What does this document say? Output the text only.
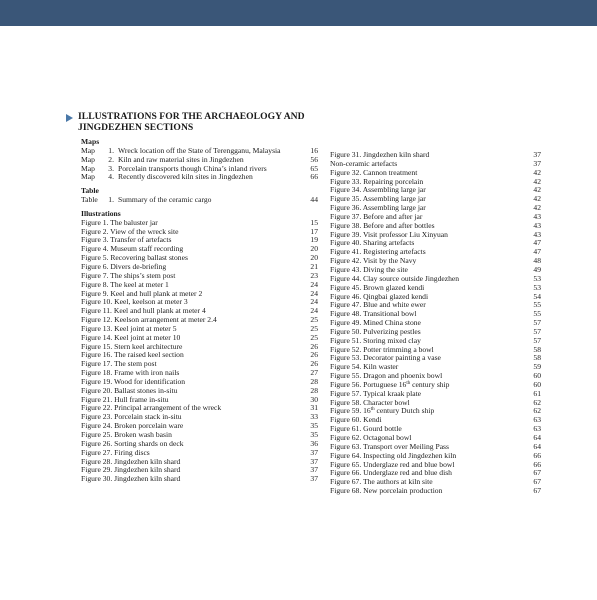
ILLUSTRATIONS FOR THE ARCHAEOLOGY AND JINGDEZHEN SECTIONS
Maps
Map	1. Wreck location off the State of Terengganu, Malaysia	16
Map	2. Kiln and raw material sites in Jingdezhen	56
Map	3. Porcelain transports though China’s inland rivers	65
Map	4. Recently discovered kiln sites in Jingdezhen	66
Table
Table	1. Summary of the ceramic cargo	44
Illustrations
Figure 1. The baluster jar	15
Figure 2. View of the wreck site	17
Figure 3. Transfer of artefacts	19
Figure 4. Museum staff recording	20
Figure 5. Recovering ballast stones	20
Figure 6. Divers de-briefing	21
Figure 7. The ships’s stem post	23
Figure 8. The keel at meter 1	24
Figure 9. Keel and hull plank at meter 2	24
Figure 10. Keel, keelson at meter 3	24
Figure 11. Keel and hull plank at meter 4	24
Figure 12. Keelson arrangement at meter 2.4	25
Figure 13. Keel joint at meter 5	25
Figure 14. Keel joint at meter 10	25
Figure 15. Stern keel architecture	26
Figure 16. The raised keel section	26
Figure 17. The stem post	26
Figure 18. Frame with iron nails	27
Figure 19. Wood for identification	28
Figure 20. Ballast stones in-situ	28
Figure 21. Hull frame in-situ	30
Figure 22. Principal arrangement of the wreck	31
Figure 23. Porcelain stack in-situ	33
Figure 24. Broken porcelain ware	35
Figure 25. Broken wash basin	35
Figure 26. Sorting shards on deck	36
Figure 27. Firing discs	37
Figure 28. Jingdezhen kiln shard	37
Figure 29. Jingdezhen kiln shard	37
Figure 30. Jingdezhen kiln shard	37
Figure 31. Jingdezhen kiln shard	37
Non-ceramic artefacts	37
Figure 32. Cannon treatment	42
Figure 33. Repairing porcelain	42
Figure 34. Assembling large jar	42
Figure 35. Assembling large jar	42
Figure 36. Assembling large jar	42
Figure 37. Before and after jar	43
Figure 38. Before and after bottles	43
Figure 39. Visit professor Liu Xinyuan	43
Figure 40. Sharing artefacts	47
Figure 41. Registering artefacts	47
Figure 42. Visit by the Navy	48
Figure 43. Diving the site	49
Figure 44. Clay source outside Jingdezhen	53
Figure 45. Brown glazed kendi	53
Figure 46. Qingbai glazed kendi	54
Figure 47. Blue and white ewer	55
Figure 48. Transitional bowl	55
Figure 49. Mined China stone	57
Figure 50. Pulverizing pestles	57
Figure 51. Storing mixed clay	57
Figure 52. Potter trimming a bowl	58
Figure 53. Decorator painting a vase	58
Figure 54. Kiln waster	59
Figure 55. Dragon and phoenix bowl	60
Figure 56. Portuguese 16th century ship	60
Figure 57. Typical kraak plate	61
Figure 58. Character bowl	62
Figure 59. 16th century Dutch ship	62
Figure 60. Kendi	63
Figure 61. Gourd bottle	63
Figure 62. Octagonal bowl	64
Figure 63. Transport over Meiling Pass	64
Figure 64. Inspecting old Jingdezhen kiln	66
Figure 65. Underglaze red and blue bowl	66
Figure 66. Underglaze red and blue dish	67
Figure 67. The authors at kiln site	67
Figure 68. New porcelain production	67
